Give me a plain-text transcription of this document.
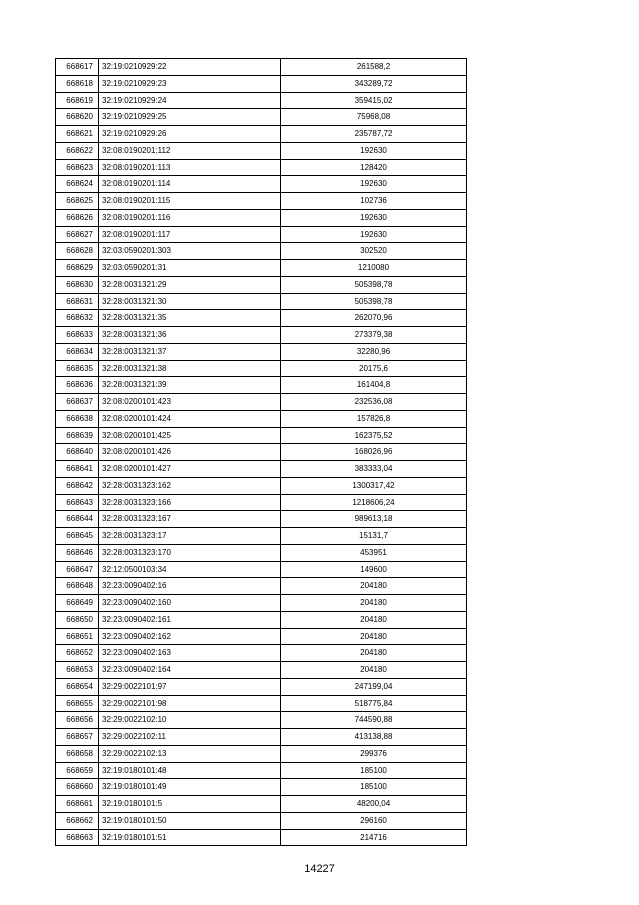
668617	32:19:0210929:22	261588,2
668618	32:19:0210929:23	343289,72
668619	32:19:0210929:24	359415,02
668620	32:19:0210929:25	75968,08
668621	32:19:0210929:26	235787,72
668622	32:08:0190201:112	192630
668623	32:08:0190201:113	128420
668624	32:08:0190201:114	192630
668625	32:08:0190201:115	102736
668626	32:08:0190201:116	192630
668627	32:08:0190201:117	192630
668628	32:03:0590201:303	302520
668629	32:03:0590201:31	1210080
668630	32:28:0031321:29	505398,78
668631	32:28:0031321:30	505398,78
668632	32:28:0031321:35	262070,96
668633	32:28:0031321:36	273379,38
668634	32:28:0031321:37	32280,96
668635	32:28:0031321:38	20175,6
668636	32:28:0031321:39	161404,8
668637	32:08:0200101:423	232536,08
668638	32:08:0200101:424	157826,8
668639	32:08:0200101:425	162375,52
668640	32:08:0200101:426	168026,96
668641	32:08:0200101:427	383333,04
668642	32:28:0031323:162	1300317,42
668643	32:28:0031323:166	1218606,24
668644	32:28:0031323:167	989613,18
668645	32:28:0031323:17	15131,7
668646	32:28:0031323:170	453951
668647	32:12:0500103:34	149600
668648	32:23:0090402:16	204180
668649	32:23:0090402:160	204180
668650	32:23:0090402:161	204180
668651	32:23:0090402:162	204180
668652	32:23:0090402:163	204180
668653	32:23:0090402:164	204180
668654	32:29:0022101:97	247199,04
668655	32:29:0022101:98	518775,84
668656	32:29:0022102:10	744590,88
668657	32:29:0022102:11	413138,88
668658	32:29:0022102:13	299376
668659	32:19:0180101:48	185100
668660	32:19:0180101:49	185100
668661	32:19:0180101:5	48200,04
668662	32:19:0180101:50	296160
668663	32:19:0180101:51	214716
14227
